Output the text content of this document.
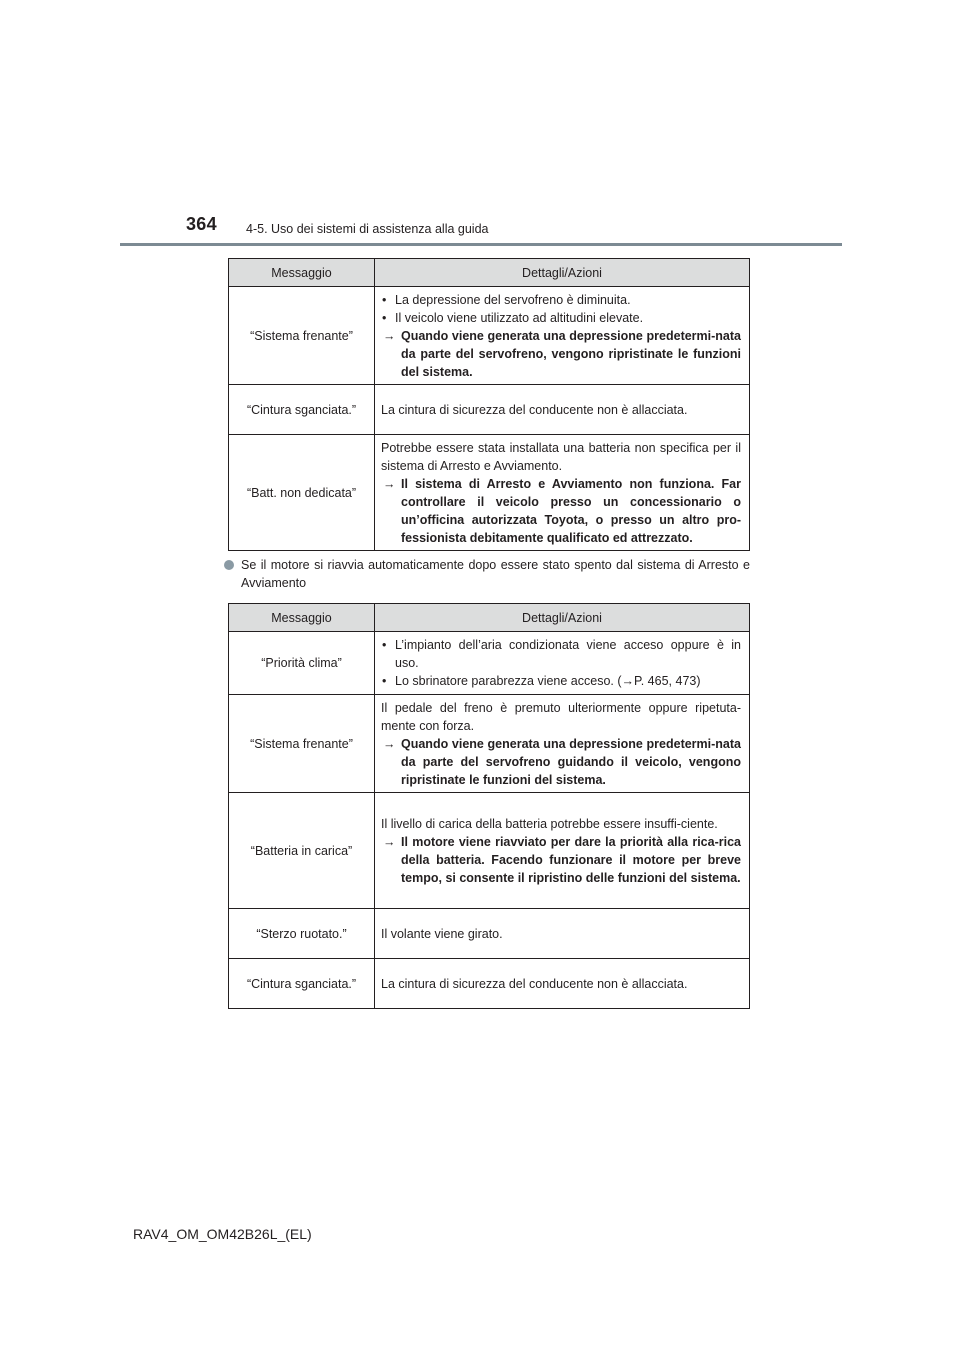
364 4-5. Uso dei sistemi di assistenza alla guida
Messaggio	Dettagli/Azioni
“Sistema frenante”	• La depressione del servofreno è diminuita.
• Il veicolo viene utilizzato ad altitudini elevate.
→ Quando viene generata una depressione predetermi-nata da parte del servofreno, vengono ripristinate le funzioni del sistema.

“Cintura sganciata.”	La cintura di sicurezza del conducente non è allacciata.
“Batt. non dedicata”	Potrebbe essere stata installata una batteria non specifica per il sistema di Arresto e Avviamento.
→ Il sistema di Arresto e Avviamento non funziona. Far controllare il veicolo presso un concessionario o un’officina autorizzata Toyota, o presso un altro pro-fessionista debitamente qualificato ed attrezzato.
Se il motore si riavvia automaticamente dopo essere stato spento dal sistema di Arresto e Avviamento
Messaggio	Dettagli/Azioni
“Priorità clima”	• L’impianto dell’aria condizionata viene acceso oppure è in uso.
• Lo sbrinatore parabrezza viene acceso. (→P. 465, 473)

“Sistema frenante”	Il pedale del freno è premuto ulteriormente oppure ripetuta-mente con forza.
→ Quando viene generata una depressione predetermi-nata da parte del servofreno guidando il veicolo, vengono ripristinate le funzioni del sistema.

“Batteria in carica”	Il livello di carica della batteria potrebbe essere insuffi-ciente.
→ Il motore viene riavviato per dare la priorità alla rica-rica della batteria. Facendo funzionare il motore per breve tempo, si consente il ripristino delle funzioni del sistema.

“Sterzo ruotato.”	Il volante viene girato.
“Cintura sganciata.”	La cintura di sicurezza del conducente non è allacciata.
RAV4_OM_OM42B26L_(EL)
